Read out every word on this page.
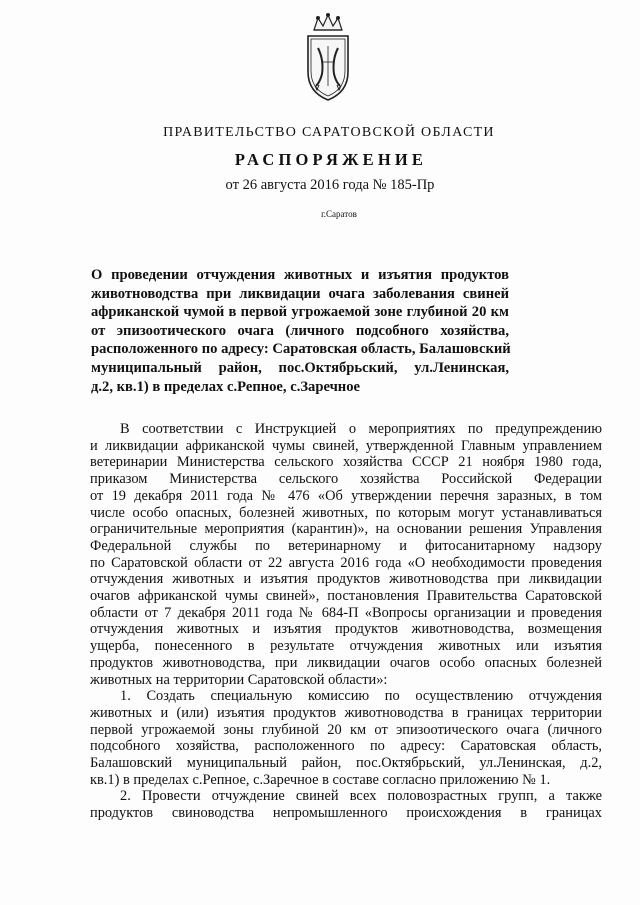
ПРАВИТЕЛЬСТВО САРАТОВСКОЙ ОБЛАСТИ
РАСПОРЯЖЕНИЕ
от 26 августа 2016 года № 185-Пр
г.Саратов
О проведении отчуждения животных и изъятия продуктов
животноводства при ликвидации очага заболевания свиней
африканской чумой в первой угрожаемой зоне глубиной 20 км
от эпизоотического очага (личного подсобного хозяйства,
расположенного по адресу: Саратовская область, Балашовский
муниципальный район, пос.Октябрьский, ул.Ленинская,
д.2, кв.1) в пределах с.Репное, с.Заречное
В соответствии с Инструкцией о мероприятиях по предупреждению
и ликвидации африканской чумы свиней, утвержденной Главным управлением
ветеринарии Министерства сельского хозяйства СССР 21 ноября 1980 года,
приказом Министерства сельского хозяйства Российской Федерации
от 19 декабря 2011 года № 476 «Об утверждении перечня заразных, в том
числе особо опасных, болезней животных, по которым могут устанавливаться
ограничительные мероприятия (карантин)», на основании решения Управления
Федеральной службы по ветеринарному и фитосанитарному надзору
по Саратовской области от 22 августа 2016 года «О необходимости проведения
отчуждения животных и изъятия продуктов животноводства при ликвидации
очагов африканской чумы свиней», постановления Правительства Саратовской
области от 7 декабря 2011 года № 684-П «Вопросы организации и проведения
отчуждения животных и изъятия продуктов животноводства, возмещения
ущерба, понесенного в результате отчуждения животных или изъятия
продуктов животноводства, при ликвидации очагов особо опасных болезней
животных на территории Саратовской области»:
1. Создать специальную комиссию по осуществлению отчуждения
животных и (или) изъятия продуктов животноводства в границах территории
первой угрожаемой зоны глубиной 20 км от эпизоотического очага (личного
подсобного хозяйства, расположенного по адресу: Саратовская область,
Балашовский муниципальный район, пос.Октябрьский, ул.Ленинская, д.2,
кв.1) в пределах с.Репное, с.Заречное в составе согласно приложению № 1.
2. Провести отчуждение свиней всех половозрастных групп, а также
продуктов свиноводства непромышленного происхождения в границах
